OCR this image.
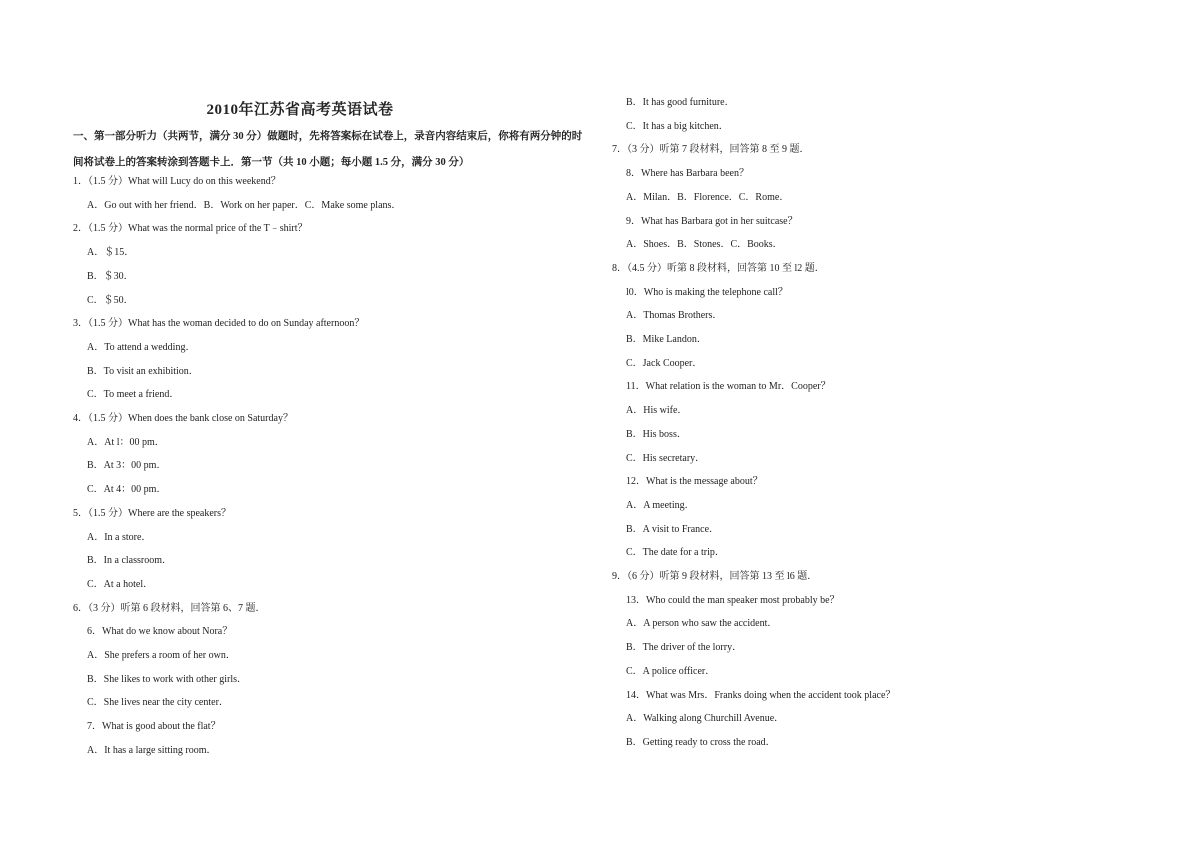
2010年江苏省高考英语试卷
一、第一部分听力（共两节，满分 30 分）做题时，先将答案标在试卷上，录音内容结束后，你将有两分钟的时
间将试卷上的答案转涂到答题卡上．第一节（共 10 小题；每小题 1.5 分，满分 30 分）
1．（1.5 分）What will Lucy do on this weekend？
A．Go out with her friend．B．Work on her paper．C．Make some plans．
2．（1.5 分）What was the normal price of the T﹣shirt？
A．＄15．
B．＄30．
C．＄50．
3．（1.5 分）What has the woman decided to do on Sunday afternoon？
A．To attend a wedding．
B．To visit an exhibition．
C．To meet a friend．
4．（1.5 分）When does the bank close on Saturday？
A．At l：00 pm．
B．At 3：00 pm．
C．At 4：00 pm．
5．（1.5 分）Where are the speakers？
A．In a store．
B．In a classroom．
C．At a hotel．
6．（3 分）听第 6 段材料，回答第 6、7 题．
6．What do we know about Nora？
A．She prefers a room of her own．
B．She likes to work with other girls．
C．She lives near the city center．
7．What is good about the flat？
A．It has a large sitting room．
B．It has good furniture．
C．It has a big kitchen．
7．（3 分）听第 7 段材料，回答第 8 至 9 题．
8．Where has Barbara been？
A．Milan．B．Florence．C．Rome．
9．What has Barbara got in her suitcase？
A．Shoes．B．Stones．C．Books．
8．（4.5 分）听第 8 段材料，回答第 10 至 l2 题．
l0．Who is making the telephone call？
A．Thomas Brothers．
B．Mike Landon．
C．Jack Cooper．
11．What relation is the woman to Mr．Cooper？
A．His wife．
B．His boss．
C．His secretary．
12．What is the message about？
A．A meeting．
B．A visit to France．
C．The date for a trip．
9．（6 分）听第 9 段材料，回答第 13 至 l6 题．
13．Who could the man speaker most probably be？
A．A person who saw the accident．
B．The driver of the lorry．
C．A police officer．
14．What was Mrs．Franks doing when the accident took place？
A．Walking along Churchill Avenue．
B．Getting ready to cross the road．
